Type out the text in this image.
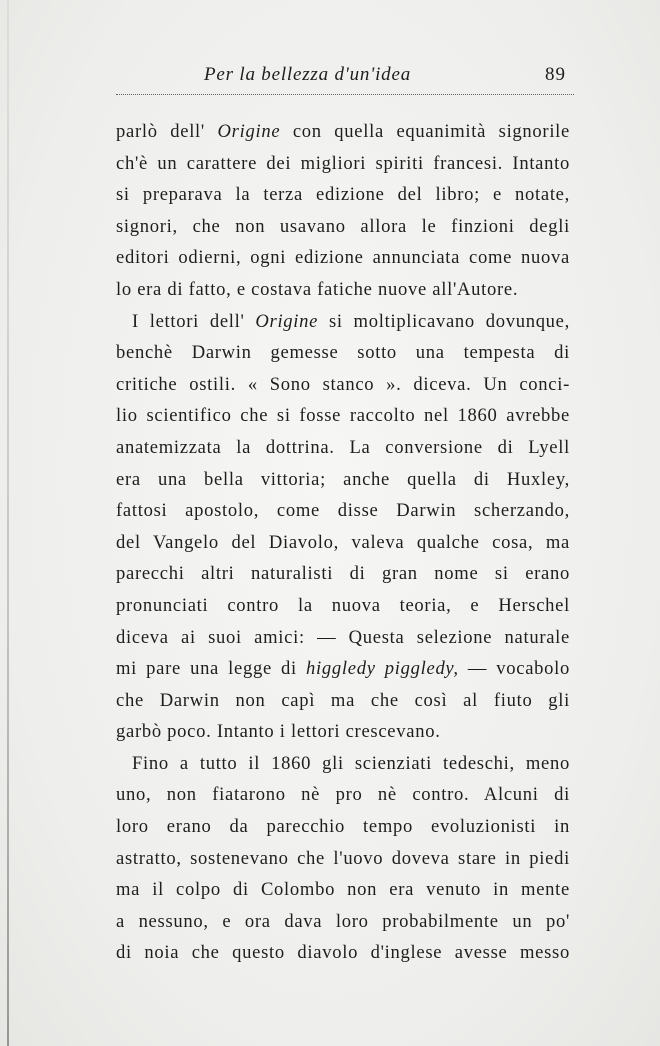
Per la bellezza d'un'idea	89
parlò dell' Origine con quella equanimità signorile
ch'è un carattere dei migliori spiriti francesi. Intanto
si preparava la terza edizione del libro; e notate,
signori, che non usavano allora le finzioni degli
editori odierni, ogni edizione annunciata come nuova
lo era di fatto, e costava fatiche nuove all'Autore.
I lettori dell' Origine si moltiplicavano dovunque,
benchè Darwin gemesse sotto una tempesta di
critiche ostili. « Sono stanco ». diceva. Un conci-
lio scientifico che si fosse raccolto nel 1860 avrebbe
anatemizzata la dottrina. La conversione di Lyell
era una bella vittoria; anche quella di Huxley,
fattosi apostolo, come disse Darwin scherzando,
del Vangelo del Diavolo, valeva qualche cosa, ma
parecchi altri naturalisti di gran nome si erano
pronunciati contro la nuova teoria, e Herschel
diceva ai suoi amici: — Questa selezione naturale
mi pare una legge di higgledy piggledy, — vocabolo
che Darwin non capì ma che così al fiuto gli
garbò poco. Intanto i lettori crescevano.
Fino a tutto il 1860 gli scienziati tedeschi, meno
uno, non fiatarono nè pro nè contro. Alcuni di
loro erano da parecchio tempo evoluzionisti in
astratto, sostenevano che l'uovo doveva stare in piedi
ma il colpo di Colombo non era venuto in mente
a nessuno, e ora dava loro probabilmente un po'
di noia che questo diavolo d'inglese avesse messo
